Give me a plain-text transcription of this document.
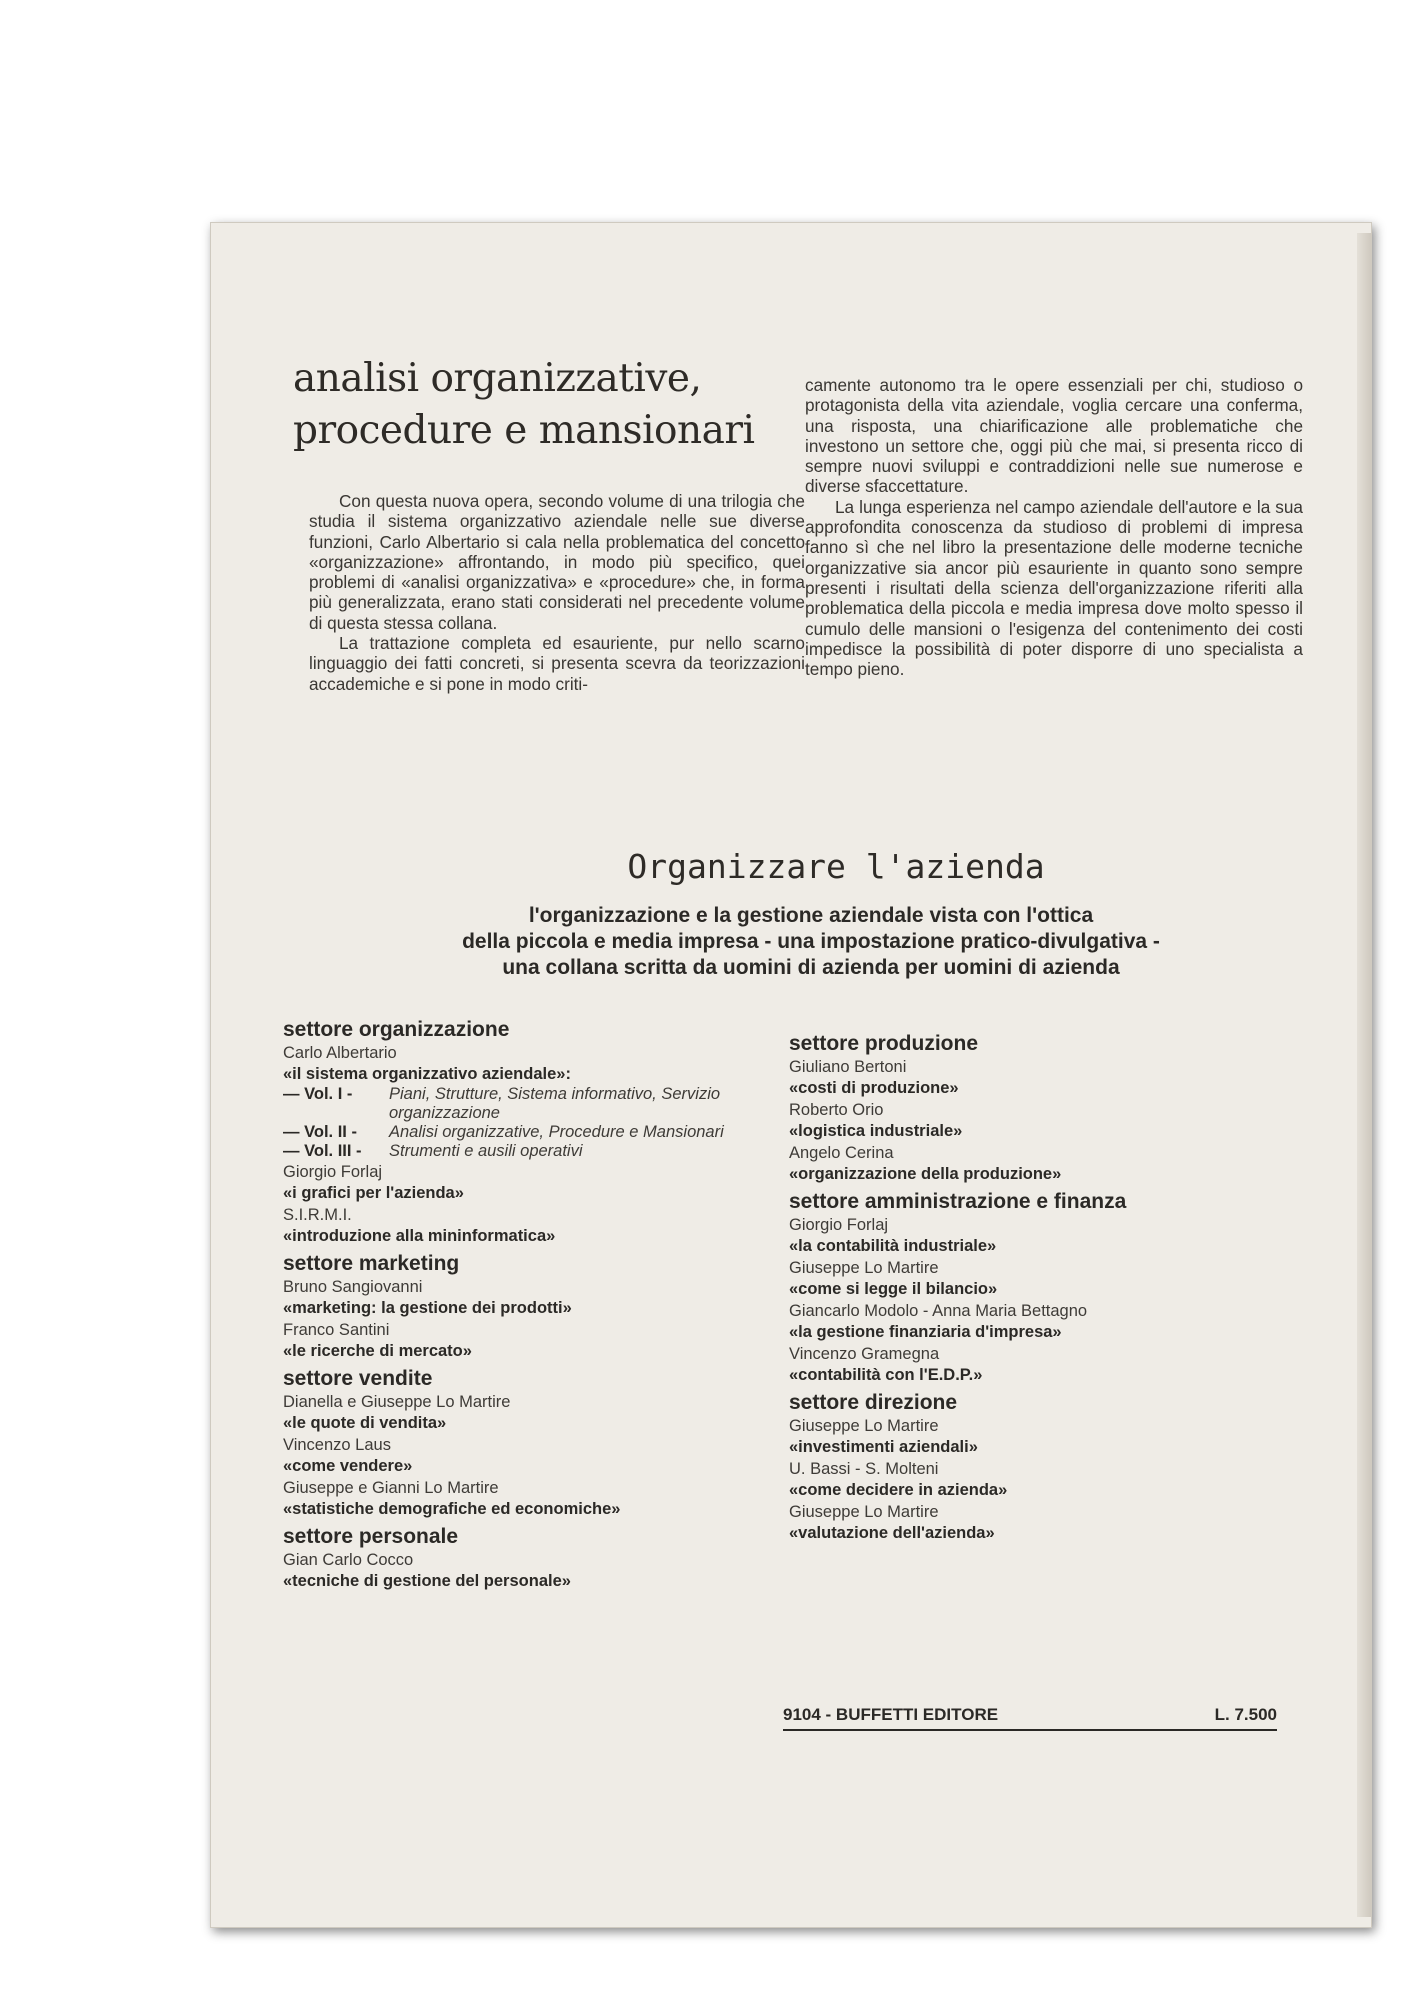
analisi organizzative,
procedure e mansionari

Con questa nuova opera, secondo volume di una trilogia che studia il sistema organizzativo aziendale nelle sue diverse funzioni, Carlo Albertario si cala nella problematica del concetto «organizzazione» affrontando, in modo più specifico, quei problemi di «analisi organizzativa» e «procedure» che, in forma più generalizzata, erano stati considerati nel precedente volume di questa stessa collana.

La trattazione completa ed esauriente, pur nello scarno linguaggio dei fatti concreti, si presenta scevra da teorizzazioni accademiche e si pone in modo criti-

camente autonomo tra le opere essenziali per chi, studioso o protagonista della vita aziendale, voglia cercare una conferma, una risposta, una chiarificazione alle problematiche che investono un settore che, oggi più che mai, si presenta ricco di sempre nuovi sviluppi e contraddizioni nelle sue numerose e diverse sfaccettature.

La lunga esperienza nel campo aziendale dell'autore e la sua approfondita conoscenza da studioso di problemi di impresa fanno sì che nel libro la presentazione delle moderne tecniche organizzative sia ancor più esauriente in quanto sono sempre presenti i risultati della scienza dell'organizzazione riferiti alla problematica della piccola e media impresa dove molto spesso il cumulo delle mansioni o l'esigenza del contenimento dei costi impedisce la possibilità di poter disporre di uno specialista a tempo pieno.

Organizzare l'azienda
l'organizzazione e la gestione aziendale vista con l'ottica
della piccola e media impresa - una impostazione pratico-divulgativa -
una collana scritta da uomini di azienda per uomini di azienda
settore organizzazione
Carlo Albertario
«il sistema organizzativo aziendale»:
— Vol. I -	Piani, Strutture, Sistema informativo, Servizio organizzazione
— Vol. II -	Analisi organizzative, Procedure e Mansionari
— Vol. III -	Strumenti e ausili operativi
Giorgio Forlaj
«i grafici per l'azienda»
S.I.R.M.I.
«introduzione alla mininformatica»
settore marketing
Bruno Sangiovanni
«marketing: la gestione dei prodotti»
Franco Santini
«le ricerche di mercato»
settore vendite
Dianella e Giuseppe Lo Martire
«le quote di vendita»
Vincenzo Laus
«come vendere»
Giuseppe e Gianni Lo Martire
«statistiche demografiche ed economiche»
settore personale
Gian Carlo Cocco
«tecniche di gestione del personale»
settore produzione
Giuliano Bertoni
«costi di produzione»
Roberto Orio
«logistica industriale»
Angelo Cerina
«organizzazione della produzione»
settore amministrazione e finanza
Giorgio Forlaj
«la contabilità industriale»
Giuseppe Lo Martire
«come si legge il bilancio»
Giancarlo Modolo - Anna Maria Bettagno
«la gestione finanziaria d'impresa»
Vincenzo Gramegna
«contabilità con l'E.D.P.»
settore direzione
Giuseppe Lo Martire
«investimenti aziendali»
U. Bassi - S. Molteni
«come decidere in azienda»
Giuseppe Lo Martire
«valutazione dell'azienda»
9104 - BUFFETTI EDITORE	L. 7.500
